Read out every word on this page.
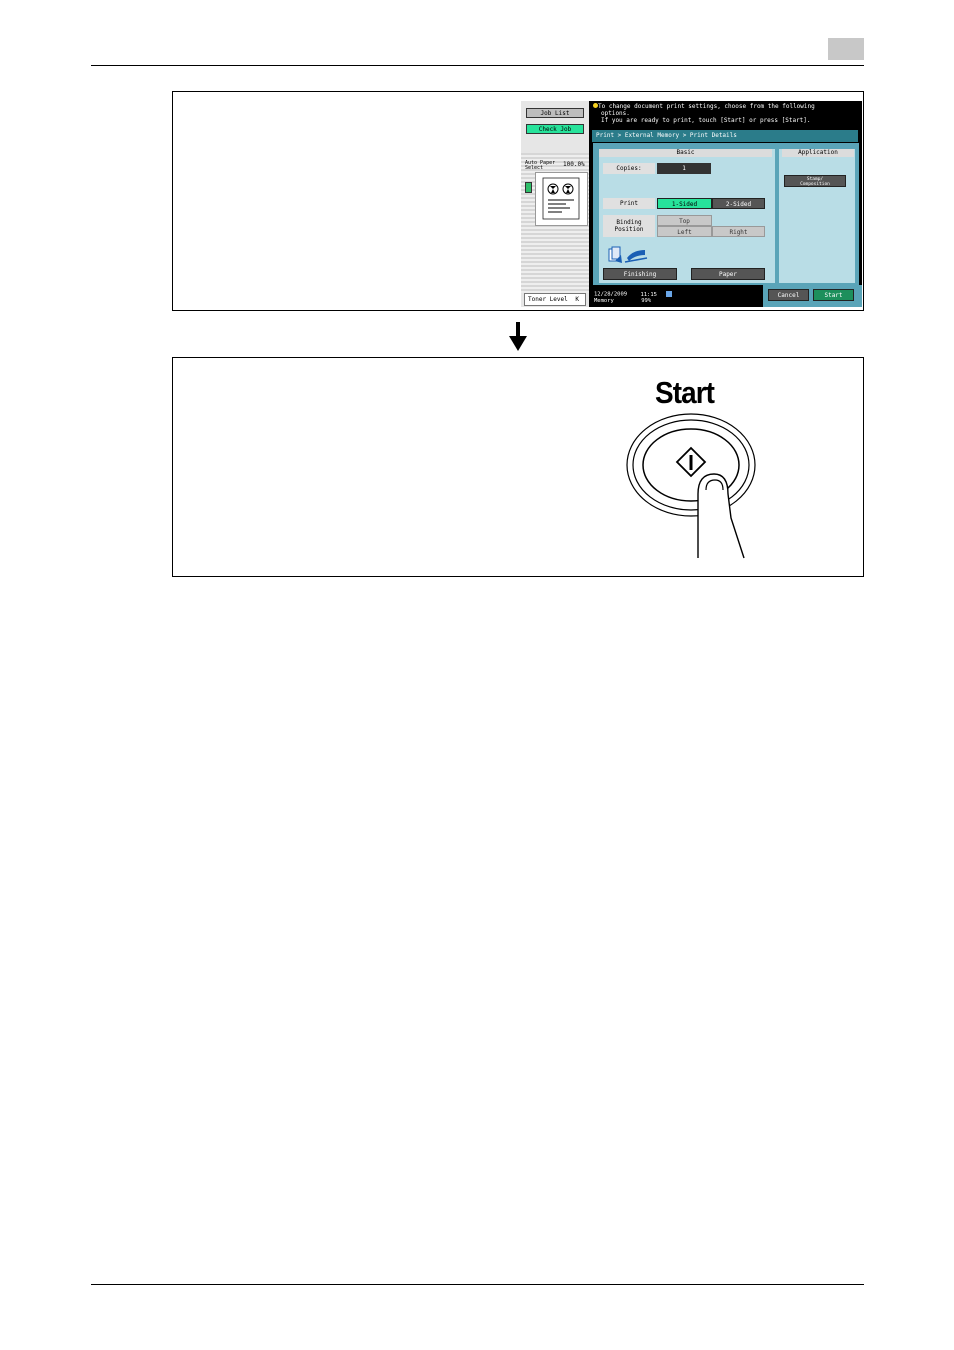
Job List
Check Job
Auto Paper Select	100.0%
Toner Level K
To change document print settings, choose from the following
options.
If you are ready to print, touch [Start] or press [Start].
Print > External Memory > Print Details
Basic
Copies:	1
Print	1-Sided	2-Sided
Binding
Position
Top
Left	Right
Finishing	Paper
Application
Stamp/
Composition
12/28/2009 11:15
Memory	99%
Cancel	Start
Start
